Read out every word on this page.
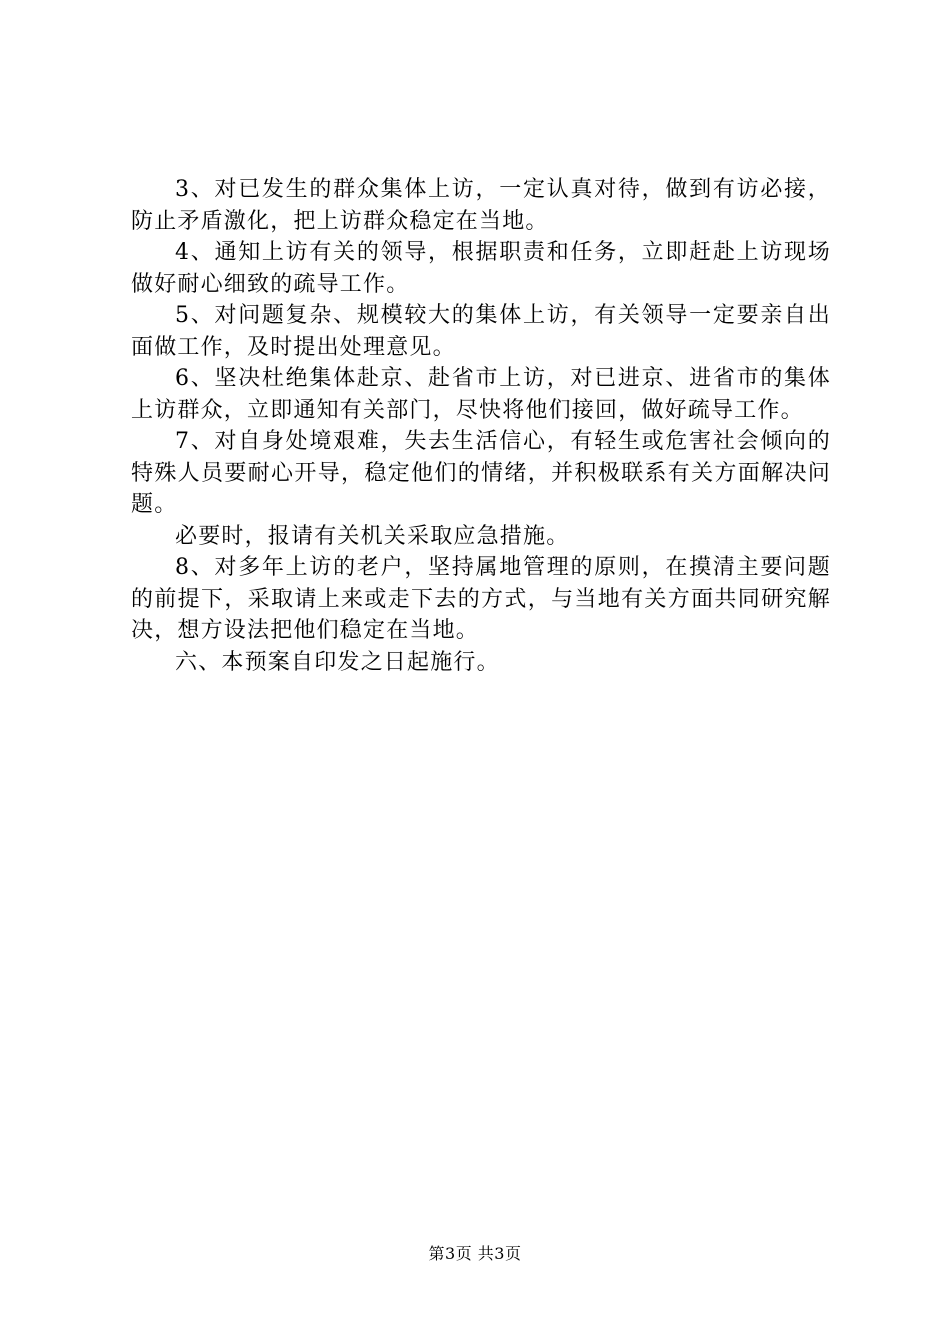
3、对已发生的群众集体上访，一定认真对待，做到有访必接，防止矛盾激化，把上访群众稳定在当地。

4、通知上访有关的领导，根据职责和任务，立即赶赴上访现场做好耐心细致的疏导工作。

5、对问题复杂、规模较大的集体上访，有关领导一定要亲自出面做工作，及时提出处理意见。

6、坚决杜绝集体赴京、赴省市上访，对已进京、进省市的集体上访群众，立即通知有关部门，尽快将他们接回，做好疏导工作。

7、对自身处境艰难，失去生活信心，有轻生或危害社会倾向的特殊人员要耐心开导，稳定他们的情绪，并积极联系有关方面解决问题。

必要时，报请有关机关采取应急措施。

8、对多年上访的老户，坚持属地管理的原则，在摸清主要问题的前提下，采取请上来或走下去的方式，与当地有关方面共同研究解决，想方设法把他们稳定在当地。

六、本预案自印发之日起施行。

第3页 共3页
